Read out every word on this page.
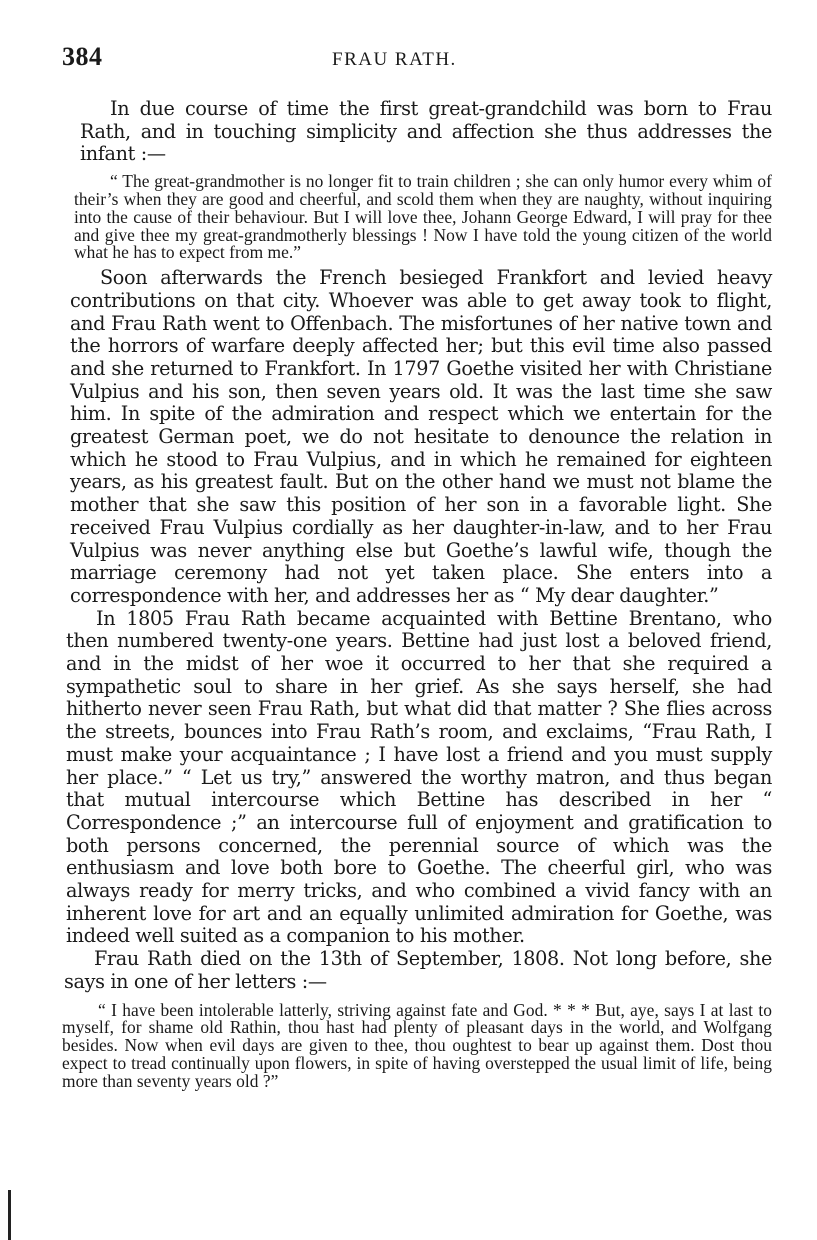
384	FRAU RATH.

In due course of time the first great-grandchild was born to Frau Rath, and in touching simplicity and affection she thus addresses the infant :—

“ The great-grandmother is no longer fit to train children ; she can only humor every whim of their’s when they are good and cheerful, and scold them when they are naughty, without inquiring into the cause of their behaviour. But I will love thee, Johann George Edward, I will pray for thee and give thee my great-grandmotherly blessings ! Now I have told the young citizen of the world what he has to expect from me.”

Soon afterwards the French besieged Frankfort and levied heavy contributions on that city. Whoever was able to get away took to flight, and Frau Rath went to Offenbach. The misfortunes of her native town and the horrors of warfare deeply affected her; but this evil time also passed and she returned to Frankfort. In 1797 Goethe visited her with Christiane Vulpius and his son, then seven years old. It was the last time she saw him. In spite of the admiration and respect which we entertain for the greatest German poet, we do not hesitate to denounce the relation in which he stood to Frau Vulpius, and in which he remained for eighteen years, as his greatest fault. But on the other hand we must not blame the mother that she saw this position of her son in a favorable light. She received Frau Vulpius cordially as her daughter-in-law, and to her Frau Vulpius was never anything else but Goethe’s lawful wife, though the marriage ceremony had not yet taken place. She enters into a correspondence with her, and addresses her as “ My dear daughter.”

In 1805 Frau Rath became acquainted with Bettine Brentano, who then numbered twenty-one years. Bettine had just lost a beloved friend, and in the midst of her woe it occurred to her that she required a sympathetic soul to share in her grief. As she says herself, she had hitherto never seen Frau Rath, but what did that matter ? She flies across the streets, bounces into Frau Rath’s room, and exclaims, “Frau Rath, I must make your acquaintance ; I have lost a friend and you must supply her place.” “ Let us try,” answered the worthy matron, and thus began that mutual intercourse which Bettine has described in her “ Correspondence ;” an intercourse full of enjoyment and gratification to both persons concerned, the perennial source of which was the enthusiasm and love both bore to Goethe. The cheerful girl, who was always ready for merry tricks, and who combined a vivid fancy with an inherent love for art and an equally unlimited admiration for Goethe, was indeed well suited as a companion to his mother.

Frau Rath died on the 13th of September, 1808. Not long before, she says in one of her letters :—

“ I have been intolerable latterly, striving against fate and God. * * * But, aye, says I at last to myself, for shame old Rathin, thou hast had plenty of pleasant days in the world, and Wolfgang besides. Now when evil days are given to thee, thou oughtest to bear up against them. Dost thou expect to tread continually upon flowers, in spite of having overstepped the usual limit of life, being more than seventy years old ?”
